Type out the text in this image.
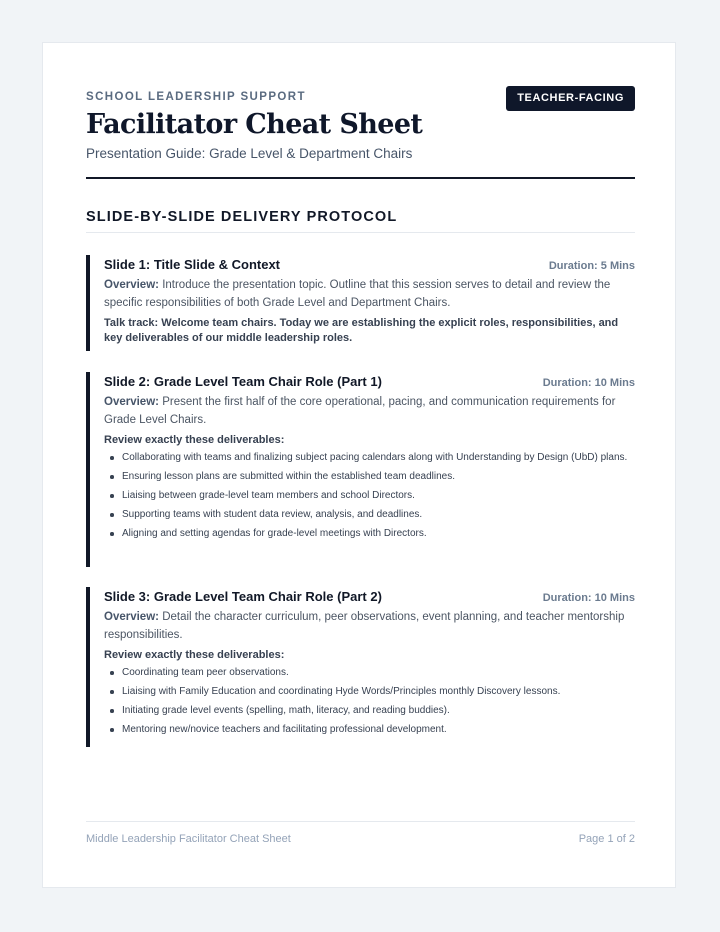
SCHOOL LEADERSHIP SUPPORT	TEACHER-FACING
Facilitator Cheat Sheet
Presentation Guide: Grade Level & Department Chairs
SLIDE-BY-SLIDE DELIVERY PROTOCOL
Slide 1: Title Slide & Context	Duration: 5 Mins
Overview: Introduce the presentation topic. Outline that this session serves to detail and review the specific responsibilities of both Grade Level and Department Chairs.
Talk track: Welcome team chairs. Today we are establishing the explicit roles, responsibilities, and key deliverables of our middle leadership roles.
Slide 2: Grade Level Team Chair Role (Part 1)	Duration: 10 Mins
Overview: Present the first half of the core operational, pacing, and communication requirements for Grade Level Chairs.
Review exactly these deliverables:
Collaborating with teams and finalizing subject pacing calendars along with Understanding by Design (UbD) plans.
Ensuring lesson plans are submitted within the established team deadlines.
Liaising between grade-level team members and school Directors.
Supporting teams with student data review, analysis, and deadlines.
Aligning and setting agendas for grade-level meetings with Directors.
Slide 3: Grade Level Team Chair Role (Part 2)	Duration: 10 Mins
Overview: Detail the character curriculum, peer observations, event planning, and teacher mentorship responsibilities.
Review exactly these deliverables:
Coordinating team peer observations.
Liaising with Family Education and coordinating Hyde Words/Principles monthly Discovery lessons.
Initiating grade level events (spelling, math, literacy, and reading buddies).
Mentoring new/novice teachers and facilitating professional development.
Middle Leadership Facilitator Cheat Sheet	Page 1 of 2
